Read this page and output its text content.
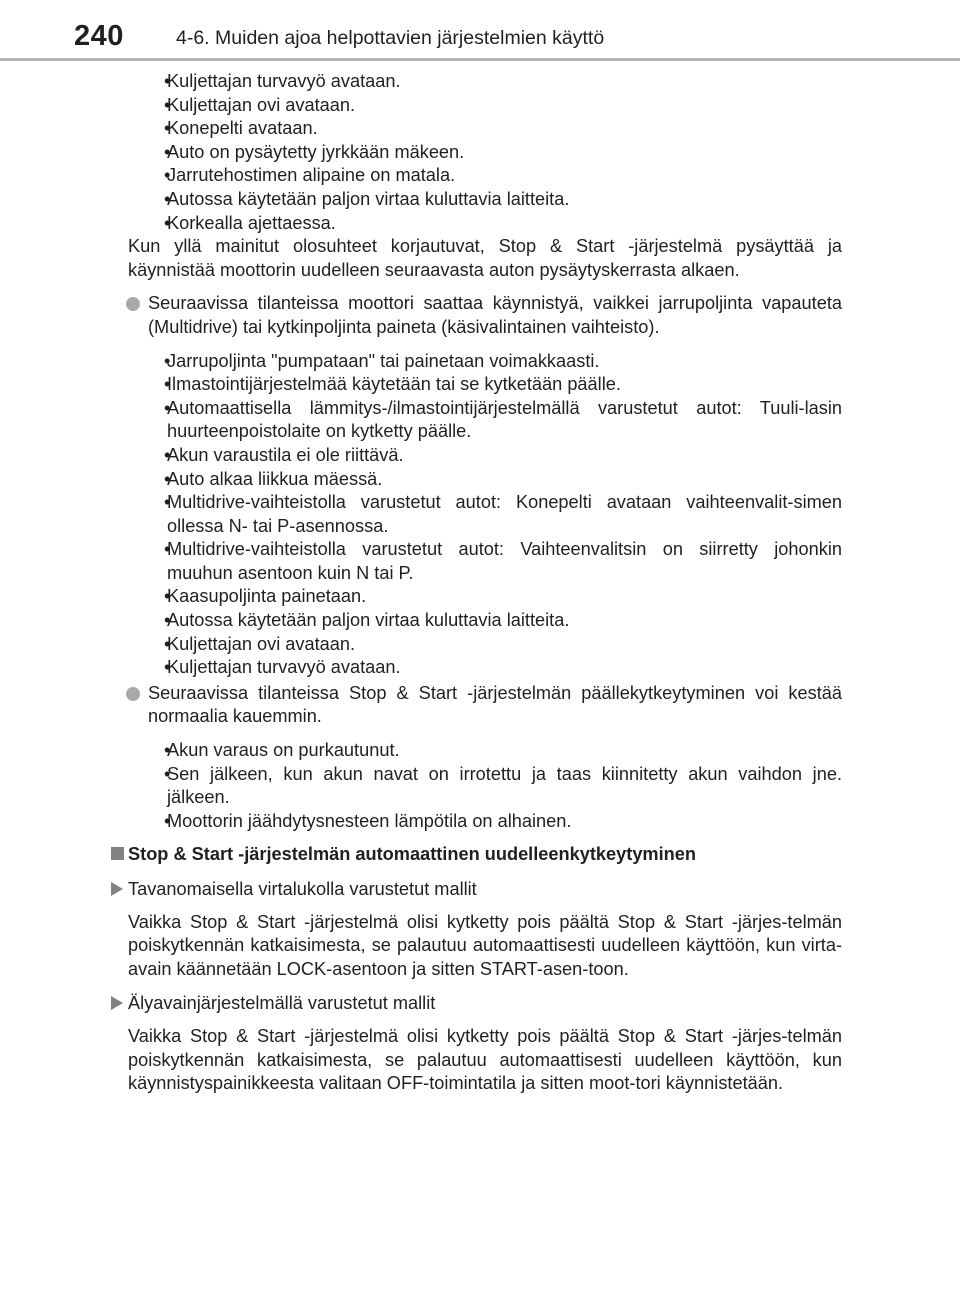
240	4-6. Muiden ajoa helpottavien järjestelmien käyttö
• Kuljettajan turvavyö avataan.
• Kuljettajan ovi avataan.
• Konepelti avataan.
• Auto on pysäytetty jyrkkään mäkeen.
• Jarrutehostimen alipaine on matala.
• Autossa käytetään paljon virtaa kuluttavia laitteita.
• Korkealla ajettaessa.

Kun yllä mainitut olosuhteet korjautuvat, Stop & Start -järjestelmä pysäyttää ja käynnistää moottorin uudelleen seuraavasta auton pysäytyskerrasta alkaen.

Seuraavissa tilanteissa moottori saattaa käynnistyä, vaikkei jarrupoljinta vapauteta (Multidrive) tai kytkinpoljinta paineta (käsivalintainen vaihteisto).
• Jarrupoljinta "pumpataan" tai painetaan voimakkaasti.
• Ilmastointijärjestelmää käytetään tai se kytketään päälle.
• Automaattisella lämmitys-/ilmastointijärjestelmällä varustetut autot: Tuuli-lasin huurteenpoistolaite on kytketty päälle.
• Akun varaustila ei ole riittävä.
• Auto alkaa liikkua mäessä.
• Multidrive-vaihteistolla varustetut autot: Konepelti avataan vaihteenvalit-simen ollessa N- tai P-asennossa.
• Multidrive-vaihteistolla varustetut autot: Vaihteenvalitsin on siirretty johonkin muuhun asentoon kuin N tai P.
• Kaasupoljinta painetaan.
• Autossa käytetään paljon virtaa kuluttavia laitteita.
• Kuljettajan ovi avataan.
• Kuljettajan turvavyö avataan.
Seuraavissa tilanteissa Stop & Start -järjestelmän päällekytkeytyminen voi kestää normaalia kauemmin.
• Akun varaus on purkautunut.
• Sen jälkeen, kun akun navat on irrotettu ja taas kiinnitetty akun vaihdon jne. jälkeen.
• Moottorin jäähdytysnesteen lämpötila on alhainen.
Stop & Start -järjestelmän automaattinen uudelleenkytkeytyminen
Tavanomaisella virtalukolla varustetut mallit

Vaikka Stop & Start -järjestelmä olisi kytketty pois päältä Stop & Start -järjes-telmän poiskytkennän katkaisimesta, se palautuu automaattisesti uudelleen käyttöön, kun virta-avain käännetään LOCK-asentoon ja sitten START-asen-toon.

Älyavainjärjestelmällä varustetut mallit

Vaikka Stop & Start -järjestelmä olisi kytketty pois päältä Stop & Start -järjes-telmän poiskytkennän katkaisimesta, se palautuu automaattisesti uudelleen käyttöön, kun käynnistyspainikkeesta valitaan OFF-toimintatila ja sitten moot-tori käynnistetään.
